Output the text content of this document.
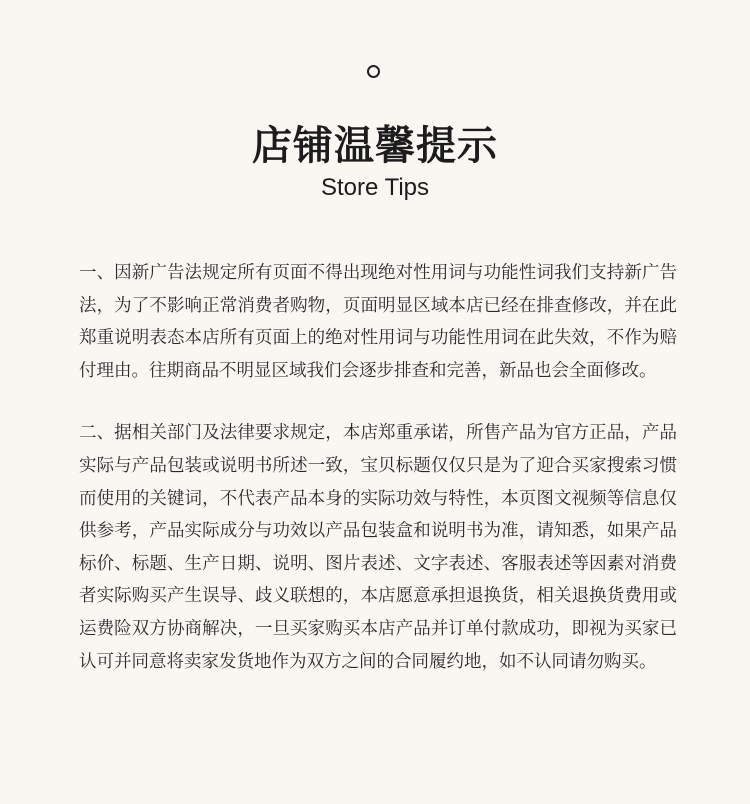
店铺温馨提示
Store Tips

一、因新广告法规定所有页面不得出现绝对性用词与功能性词我们支持新广告法，为了不影响正常消费者购物，页面明显区域本店已经在排查修改，并在此郑重说明表态本店所有页面上的绝对性用词与功能性用词在此失效，不作为赔付理由。往期商品不明显区域我们会逐步排查和完善，新品也会全面修改。

二、据相关部门及法律要求规定，本店郑重承诺，所售产品为官方正品，产品实际与产品包装或说明书所述一致，宝贝标题仅仅只是为了迎合买家搜索习惯而使用的关键词，不代表产品本身的实际功效与特性，本页图文视频等信息仅供参考，产品实际成分与功效以产品包装盒和说明书为准，请知悉，如果产品标价、标题、生产日期、说明、图片表述、文字表述、客服表述等因素对消费者实际购买产生误导、歧义联想的，本店愿意承担退换货，相关退换货费用或运费险双方协商解决，一旦买家购买本店产品并订单付款成功，即视为买家已认可并同意将卖家发货地作为双方之间的合同履约地，如不认同请勿购买。
